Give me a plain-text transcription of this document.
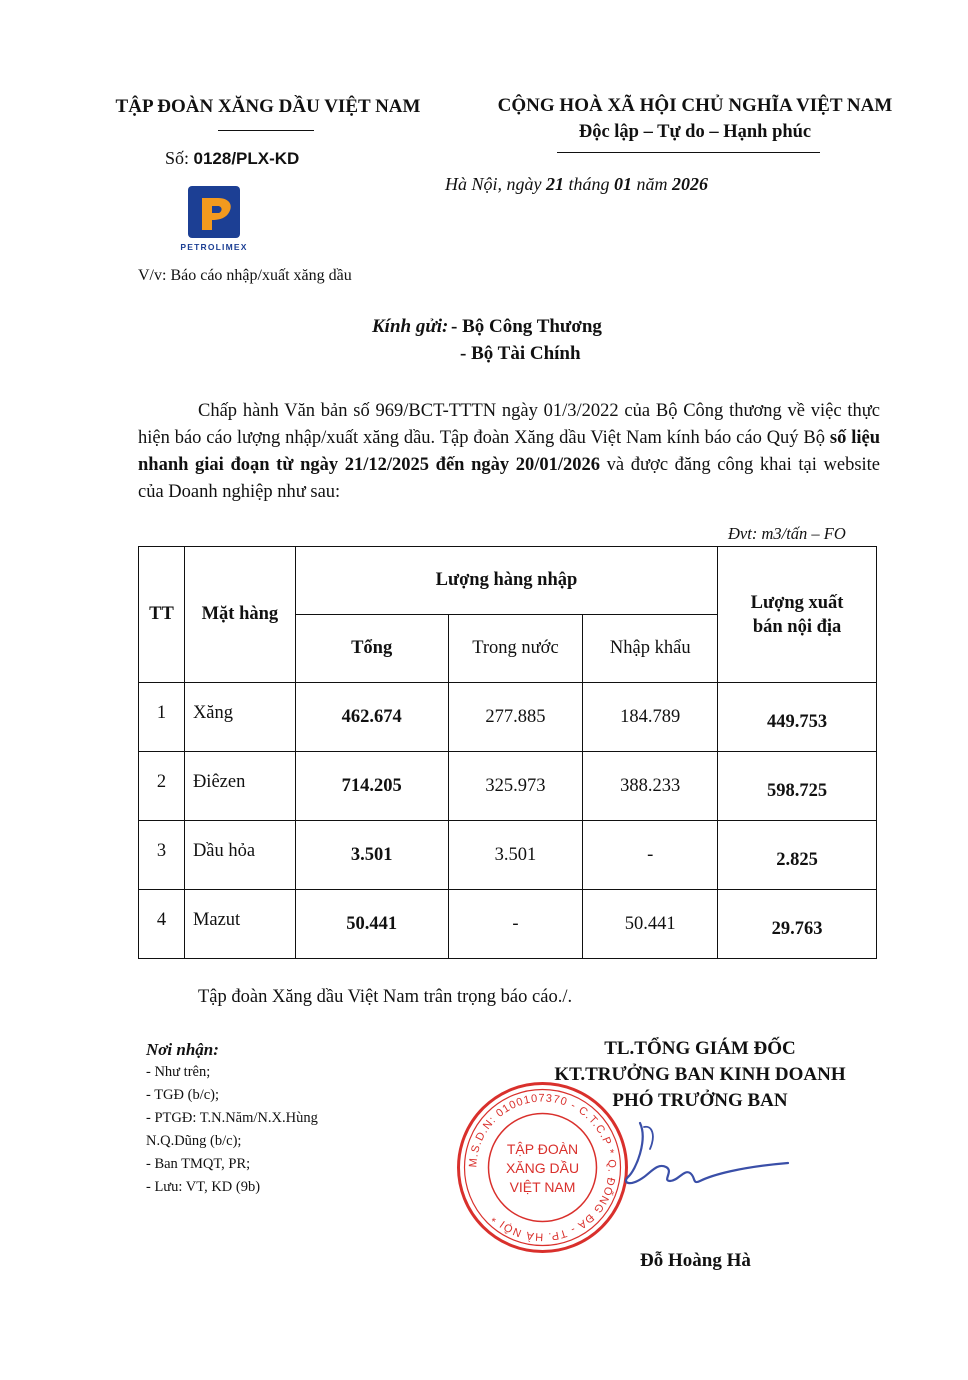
TẬP ĐOÀN XĂNG DẦU VIỆT NAM
Số: 0128/PLX-KD
PETROLIMEX
V/v: Báo cáo nhập/xuất xăng dầu
CỘNG HOÀ XÃ HỘI CHỦ NGHĨA VIỆT NAM
Độc lập – Tự do – Hạnh phúc
Hà Nội, ngày 21 tháng 01 năm 2026
Kính gửi: - Bộ Công Thương
- Bộ Tài Chính
Chấp hành Văn bản số 969/BCT-TTTN ngày 01/3/2022 của Bộ Công thương về việc thực hiện báo cáo lượng nhập/xuất xăng dầu. Tập đoàn Xăng dầu Việt Nam kính báo cáo Quý Bộ số liệu nhanh giai đoạn từ ngày 21/12/2025 đến ngày 20/01/2026 và được đăng công khai tại website của Doanh nghiệp như sau:
Đvt: m3/tấn – FO
TT	Mặt hàng	Lượng hàng nhập			Lượng xuất bán nội địa
		Tổng	Trong nước	Nhập khẩu	
1	Xăng	462.674	277.885	184.789	449.753
2	Điêzen	714.205	325.973	388.233	598.725
3	Dầu hỏa	3.501	3.501	-	2.825
4	Mazut	50.441	-	50.441	29.763
Tập đoàn Xăng dầu Việt Nam trân trọng báo cáo./.
Nơi nhận:
- Như trên;
- TGĐ (b/c);
- PTGĐ: T.N.Năm/N.X.Hùng
N.Q.Dũng (b/c);
- Ban TMQT, PR;
- Lưu: VT, KD (9b)
TL.TỔNG GIÁM ĐỐC
KT.TRƯỞNG BAN KINH DOANH
PHÓ TRƯỞNG BAN
M.S.D.N: 0100107370 - C.T.C.P * Q. ĐỐNG ĐA - TP. HÀ NỘI *
TẬP ĐOÀN
XĂNG DẦU
VIỆT NAM
Đỗ Hoàng Hà
